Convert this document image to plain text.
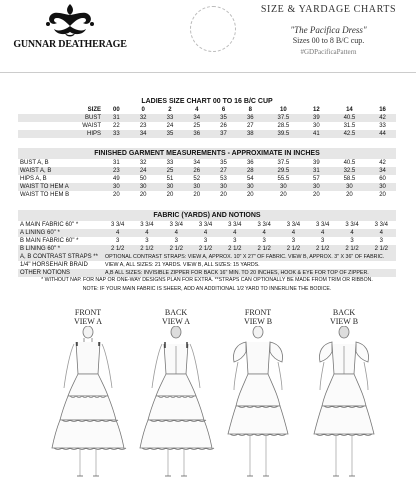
GUNNAR DEATHERAGE
SIZE & YARDAGE CHARTS
"The Pacifica Dress"
Sizes 00 to 8 B/C cup.
#GDPacificaPattern
LADIES SIZE CHART 00 TO 16 B/C CUP
SIZE	00	0	2	4	6	8	10	12	14	16
BUST	31	32	33	34	35	36	37.5	39	40.5	42
WAIST	22	23	24	25	26	27	28.5	30	31.5	33
HIPS	33	34	35	36	37	38	39.5	41	42.5	44
FINISHED GARMENT MEASUREMENTS - APPROXIMATE IN INCHES
BUST A, B	31	32	33	34	35	36	37.5	39	40.5	42
WAIST A, B	23	24	25	26	27	28	29.5	31	32.5	34
HIPS A, B	49	50	51	52	53	54	55.5	57	58.5	60
WAIST TO HEM A	30	30	30	30	30	30	30	30	30	30
WAIST TO HEM B	20	20	20	20	20	20	20	20	20	20
FABRIC (YARDS) AND NOTIONS
A MAIN FABRIC 60" *	3 3/4	3 3/4	3 3/4	3 3/4	3 3/4	3 3/4	3 3/4	3 3/4	3 3/4	3 3/4
A LINING 60" *	4	4	4	4	4	4	4	4	4	4
B MAIN FABRIC 60" *	3	3	3	3	3	3	3	3	3	3
B LINING 60" *	2 1/2	2 1/2	2 1/2	2 1/2	2 1/2	2 1/2	2 1/2	2 1/2	2 1/2	2 1/2
A, B CONTRAST STRAPS **	OPTIONAL CONTRAST STRAPS: VIEW A, APPROX. 10" X 27" OF FABRIC. VIEW B, APPROX. 3" X 36" OF FABRIC.
1/4" HORSEHAIR BRAID	VIEW A, ALL SIZES: 21 YARDS. VIEW B, ALL SIZES: 15 YARDS.
OTHER NOTIONS	A,B ALL SIZES: INVISIBLE ZIPPER FOR BACK 16" MIN. TO 20 INCHES, HOOK & EYE FOR TOP OF ZIPPER.
* WITHOUT NAP. FOR NAP OR ONE-WAY DESIGNS PLAN FOR EXTRA. **STRAPS CAN OPTIONALLY BE MADE FROM TRIM OR RIBBON.
NOTE: IF YOUR MAIN FABRIC IS SHEER, ADD AN ADDITIONAL 1/2 YARD TO INNERLINE THE BODICE.
FRONT
VIEW A
BACK
VIEW A
FRONT
VIEW B
BACK
VIEW B
